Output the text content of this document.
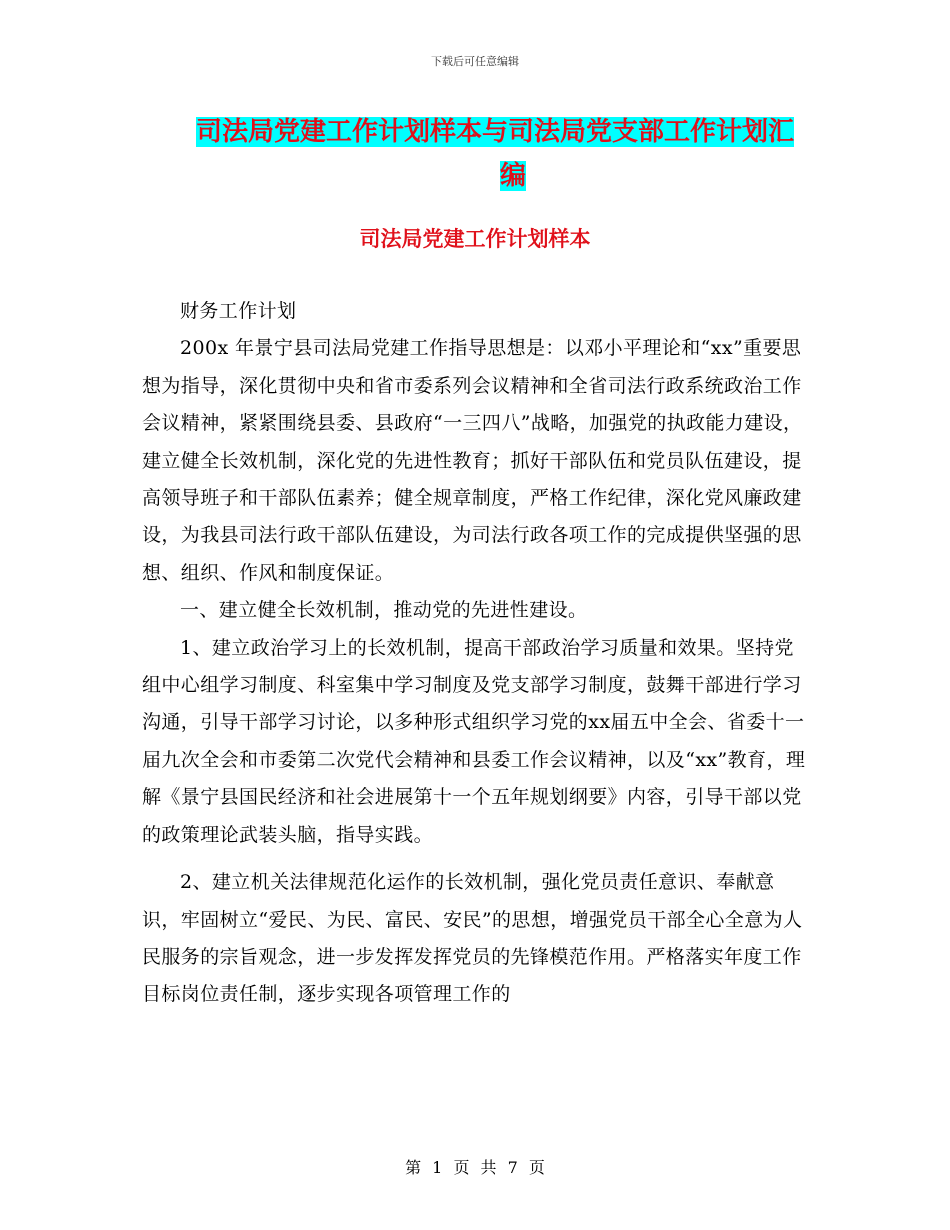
下载后可任意编辑
司法局党建工作计划样本与司法局党支部工作计划汇
编
司法局党建工作计划样本

财务工作计划

200x 年景宁县司法局党建工作指导思想是：以邓小平理论和“xx”重要思想为指导，深化贯彻中央和省市委系列会议精神和全省司法行政系统政治工作会议精神，紧紧围绕县委、县政府“一三四八”战略，加强党的执政能力建设，建立健全长效机制，深化党的先进性教育；抓好干部队伍和党员队伍建设，提高领导班子和干部队伍素养；健全规章制度，严格工作纪律，深化党风廉政建设，为我县司法行政干部队伍建设，为司法行政各项工作的完成提供坚强的思想、组织、作风和制度保证。

一、建立健全长效机制，推动党的先进性建设。

1、建立政治学习上的长效机制，提高干部政治学习质量和效果。坚持党组中心组学习制度、科室集中学习制度及党支部学习制度，鼓舞干部进行学习沟通，引导干部学习讨论，以多种形式组织学习党的xx届五中全会、省委十一届九次全会和市委第二次党代会精神和县委工作会议精神，以及“xx”教育，理解《景宁县国民经济和社会进展第十一个五年规划纲要》内容，引导干部以党的政策理论武装头脑，指导实践。

2、建立机关法律规范化运作的长效机制，强化党员责任意识、奉献意识，牢固树立“爱民、为民、富民、安民”的思想，增强党员干部全心全意为人民服务的宗旨观念，进一步发挥发挥党员的先锋模范作用。严格落实年度工作目标岗位责任制，逐步实现各项管理工作的

第 1 页 共 7 页
